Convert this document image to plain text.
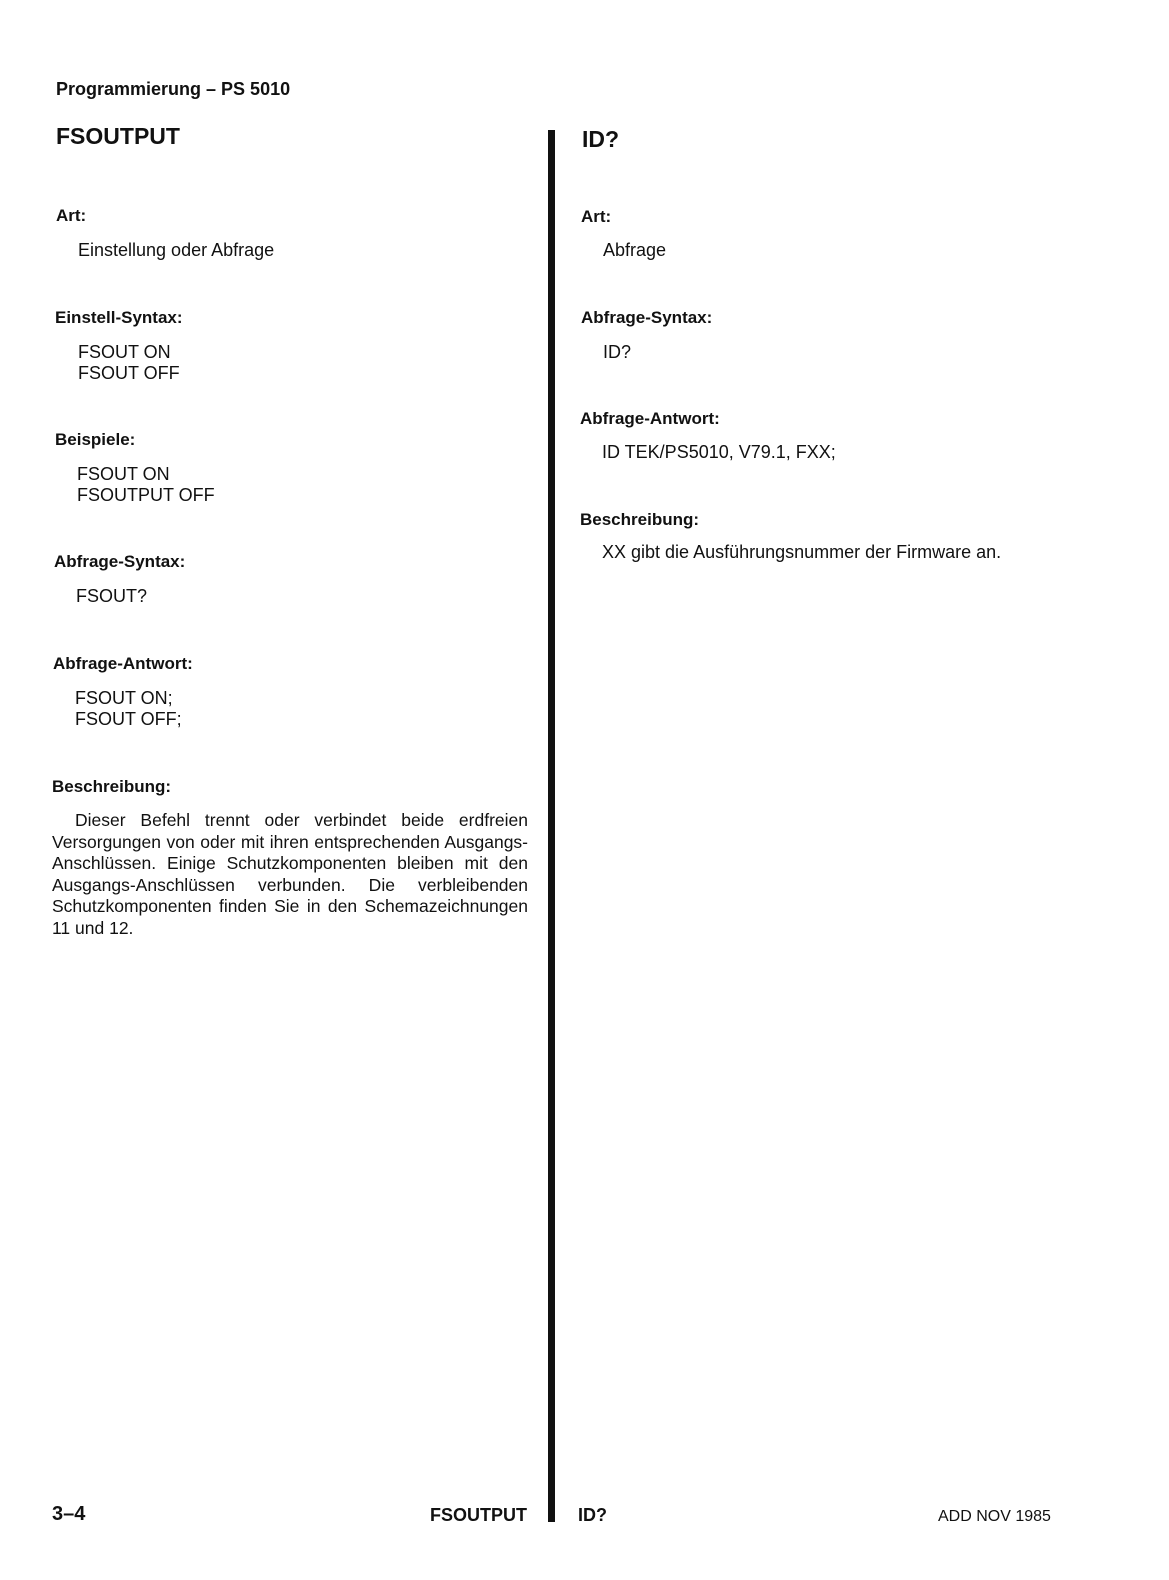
Programmierung – PS 5010
FSOUTPUT
Art:
Einstellung oder Abfrage
Einstell-Syntax:
FSOUT ON
FSOUT OFF
Beispiele:
FSOUT ON
FSOUTPUT OFF
Abfrage-Syntax:
FSOUT?
Abfrage-Antwort:
FSOUT ON;
FSOUT OFF;
Beschreibung:
Dieser Befehl trennt oder verbindet beide erdfreien Versorgungen von oder mit ihren entsprechenden Ausgangs-Anschlüssen. Einige Schutzkomponenten bleiben mit den Ausgangs-Anschlüssen verbunden. Die verbleibenden Schutzkomponenten finden Sie in den Schemazeichnungen 11 und 12.
ID?
Art:
Abfrage
Abfrage-Syntax:
ID?
Abfrage-Antwort:
ID TEK/PS5010, V79.1, FXX;
Beschreibung:
XX gibt die Ausführungsnummer der Firmware an.
3–4	FSOUTPUT	ID?	ADD NOV 1985
